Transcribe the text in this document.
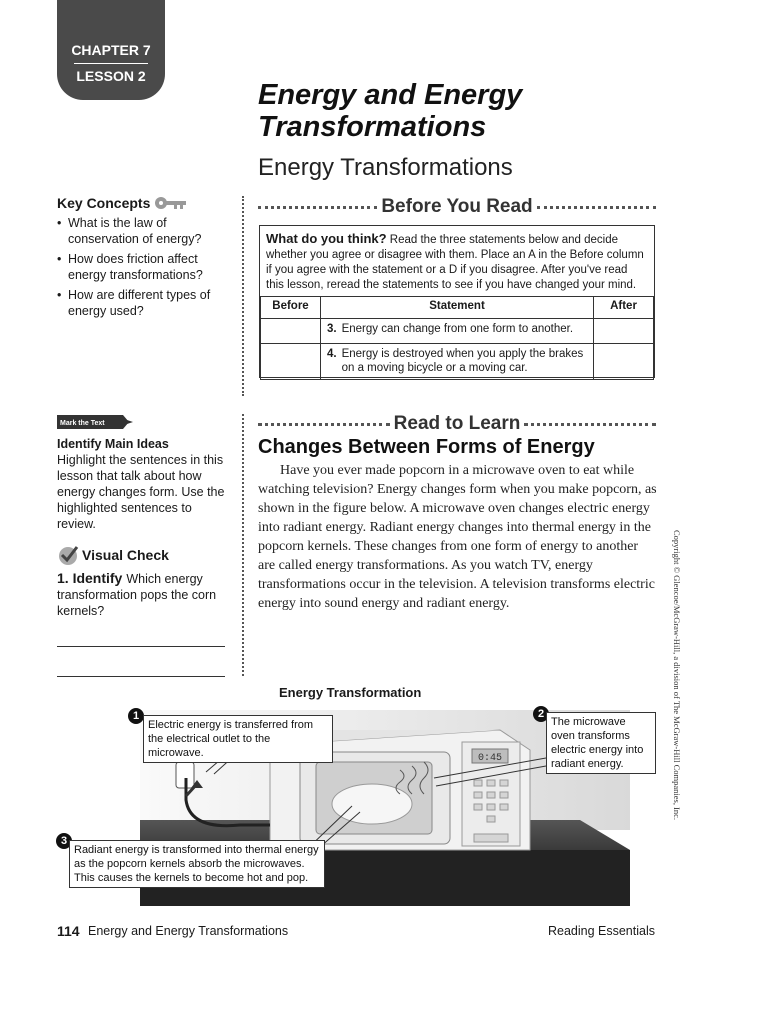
CHAPTER 7
LESSON 2
Energy and Energy
Transformations
Energy Transformations
Key Concepts
• What is the law of conservation of energy?
• How does friction affect energy transformations?
• How are different types of energy used?
Before You Read
What do you think? Read the three statements below and decide whether you agree or disagree with them. Place an A in the Before column if you agree with the statement or a D if you disagree. After you've read this lesson, reread the statements to see if you have changed your mind.
Before	Statement	After

	3. Energy can change from one form to another.	

	4. Energy is destroyed when you apply the brakes on a moving bicycle or a moving car.	

Mark the Text
Identify Main Ideas
Highlight the sentences in this lesson that talk about how energy changes form. Use the highlighted sentences to review.
Visual Check
1. Identify Which energy transformation pops the corn kernels?
Read to Learn
Changes Between Forms of Energy
Have you ever made popcorn in a microwave oven to eat while watching television? Energy changes form when you make popcorn, as shown in the figure below. A microwave oven changes electric energy into radiant energy. Radiant energy changes into thermal energy in the popcorn kernels. These changes from one form of energy to another are called energy transformations. As you watch TV, energy transformations occur in the television. A television transforms electric energy into sound energy and radiant energy.	Copyright © Glencoe/McGraw-Hill, a division of The McGraw-Hill Companies, Inc.
Energy Transformation
0:45
1
Electric energy is transferred from the electrical outlet to the microwave.
2
The microwave oven transforms electric energy into radiant energy.
3
Radiant energy is transformed into thermal energy as the popcorn kernels absorb the microwaves. This causes the kernels to become hot and pop.
114 Energy and Energy Transformations	Reading Essentials
